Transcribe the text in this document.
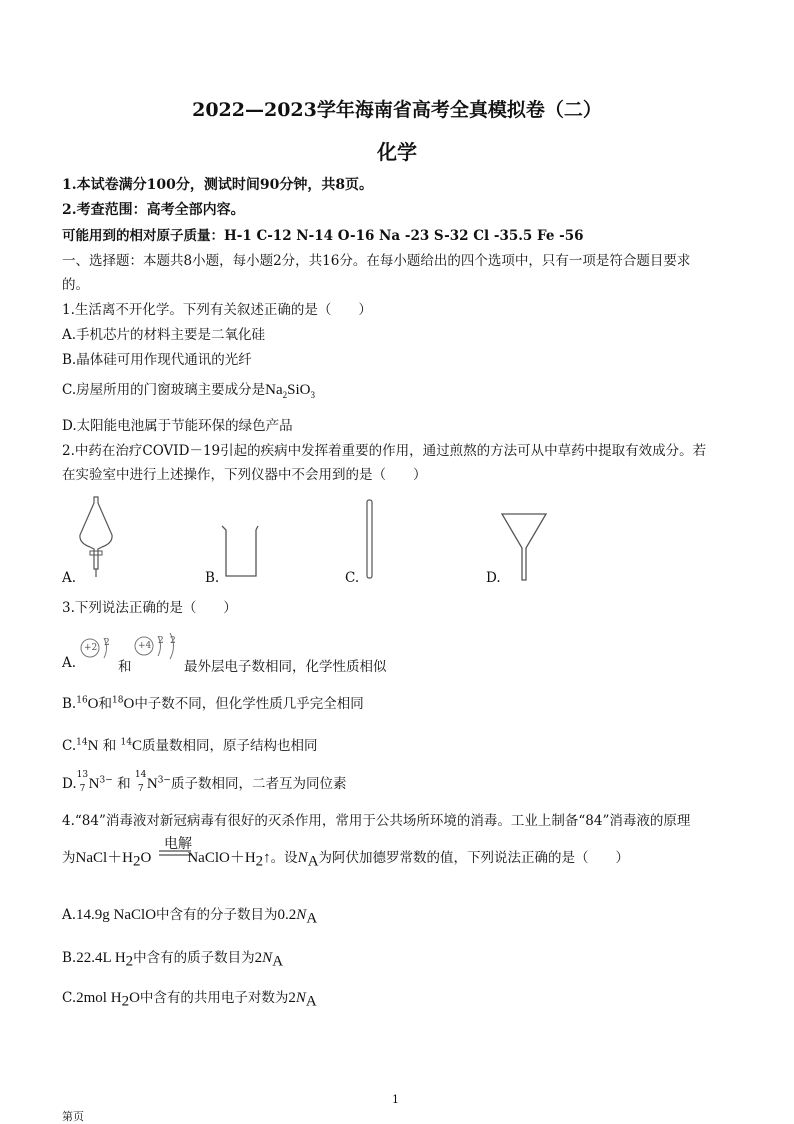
2022—2023学年海南省高考全真模拟卷（二）
化学
1.本试卷满分100分，测试时间90分钟，共8页。
2.考查范围：高考全部内容。
可能用到的相对原子质量：H-1 C-12 N-14 O-16 Na -23 S-32 Cl -35.5 Fe -56
一、选择题：本题共8小题，每小题2分，共16分。在每小题给出的四个选项中，只有一项是符合题目要求
的。
1.生活离不开化学。下列有关叙述正确的是（　　）
A.手机芯片的材料主要是二氧化硅
B.晶体硅可用作现代通讯的光纤
C.房屋所用的门窗玻璃主要成分是$Na_2SiO_3$
D.太阳能电池属于节能环保的绿色产品
2.中药在治疗COVID－19引起的疾病中发挥着重要的作用，通过煎熬的方法可从中草药中提取有效成分。若
在实验室中进行上述操作，下列仪器中不会用到的是（　　）
A.	B.	C.	D.
3.下列说法正确的是（　　）
A.
+2 2
和
+4 2 2
最外层电子数相同，化学性质相似
B.$^{16}$O和$^{18}$O中子数不同，但化学性质几乎完全相同
C.$^{14}$N 和 $^{14}$C质量数相同，原子结构也相同
D.
13
7 $N^{3-}$ 和
14
7 $N^{3-}$质子数相同，二者互为同位素
4.“84”消毒液对新冠病毒有很好的灭杀作用，常用于公共场所环境的消毒。工业上制备“84”消毒液的原理
电解
为$NaCl+H_2O$ $NaClO+H_2↑$。设$N_A$为阿伏加德罗常数的值，下列说法正确的是（　　）
A.14.9g NaClO中含有的分子数目为$0.2N_A$
B.22.4L $H_2$中含有的质子数目为$2N_A$
C.2mol $H_2O$中含有的共用电子对数为$2N_A$
1
第页
